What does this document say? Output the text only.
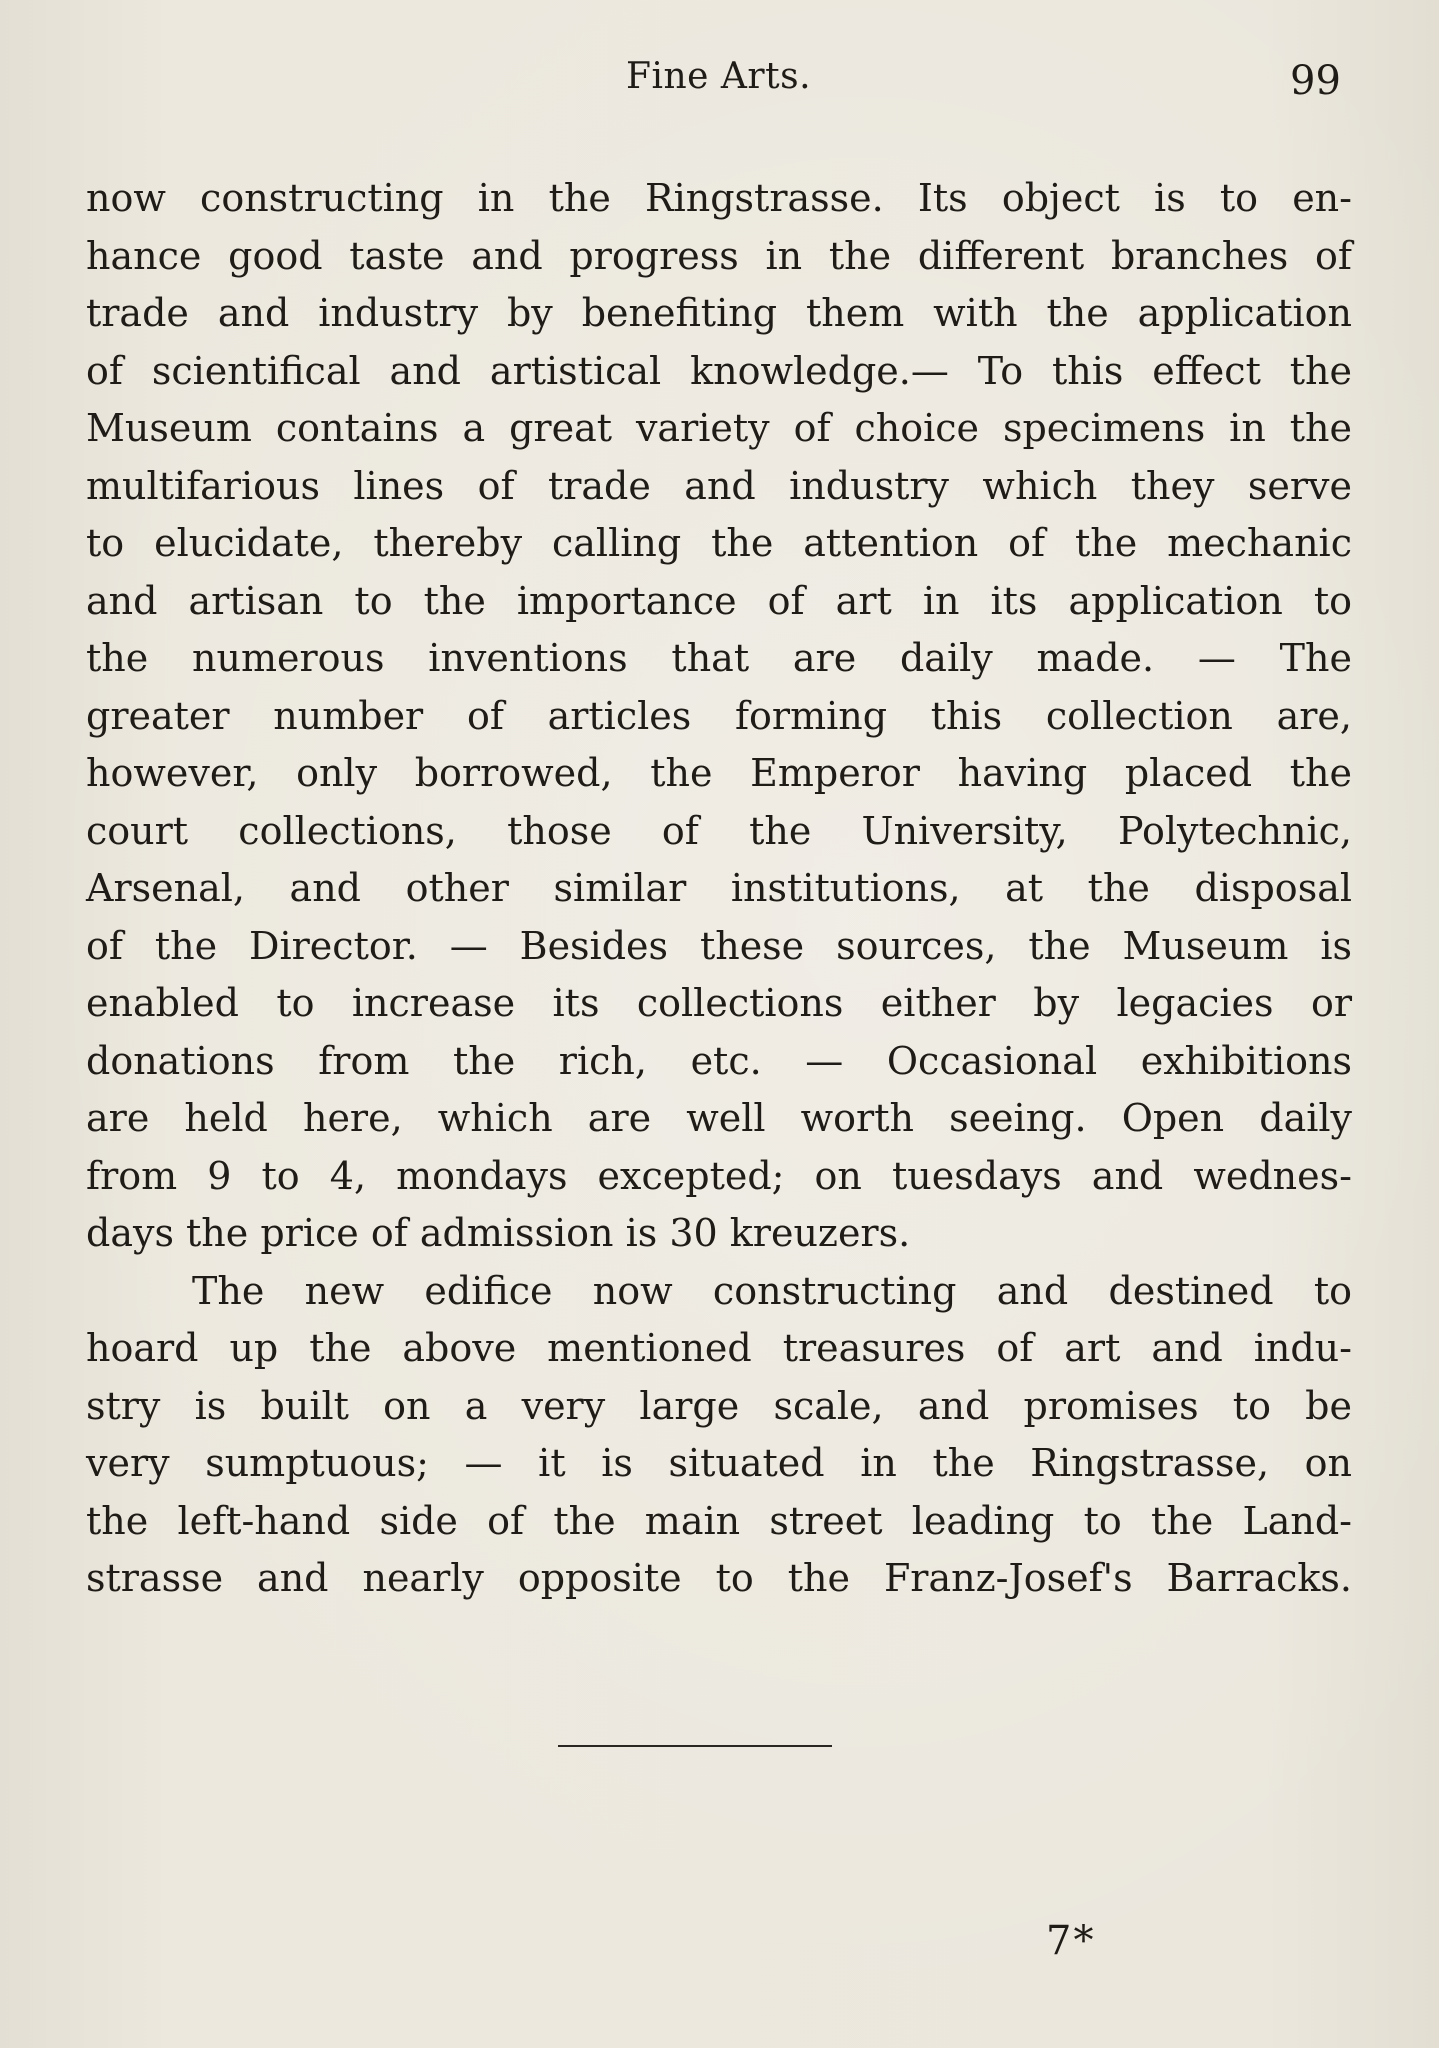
Fine Arts.	99
now constructing in the Ringstrasse. Its object is to en-
hance good taste and progress in the different branches of
trade and industry by benefiting them with the application
of scientifical and artistical knowledge.— To this effect the
Museum contains a great variety of choice specimens in the
multifarious lines of trade and industry which they serve
to elucidate, thereby calling the attention of the mechanic
and artisan to the importance of art in its application to
the numerous inventions that are daily made. — The
greater number of articles forming this collection are,
however, only borrowed, the Emperor having placed the
court collections, those of the University, Polytechnic,
Arsenal, and other similar institutions, at the disposal
of the Director. — Besides these sources, the Museum is
enabled to increase its collections either by legacies or
donations from the rich, etc. — Occasional exhibitions
are held here, which are well worth seeing. Open daily
from 9 to 4, mondays excepted; on tuesdays and wednes-
days the price of admission is 30 kreuzers.
The new edifice now constructing and destined to
hoard up the above mentioned treasures of art and indu-
stry is built on a very large scale, and promises to be
very sumptuous; — it is situated in the Ringstrasse, on
the left-hand side of the main street leading to the Land-
strasse and nearly opposite to the Franz-Josef's Barracks.
7*
